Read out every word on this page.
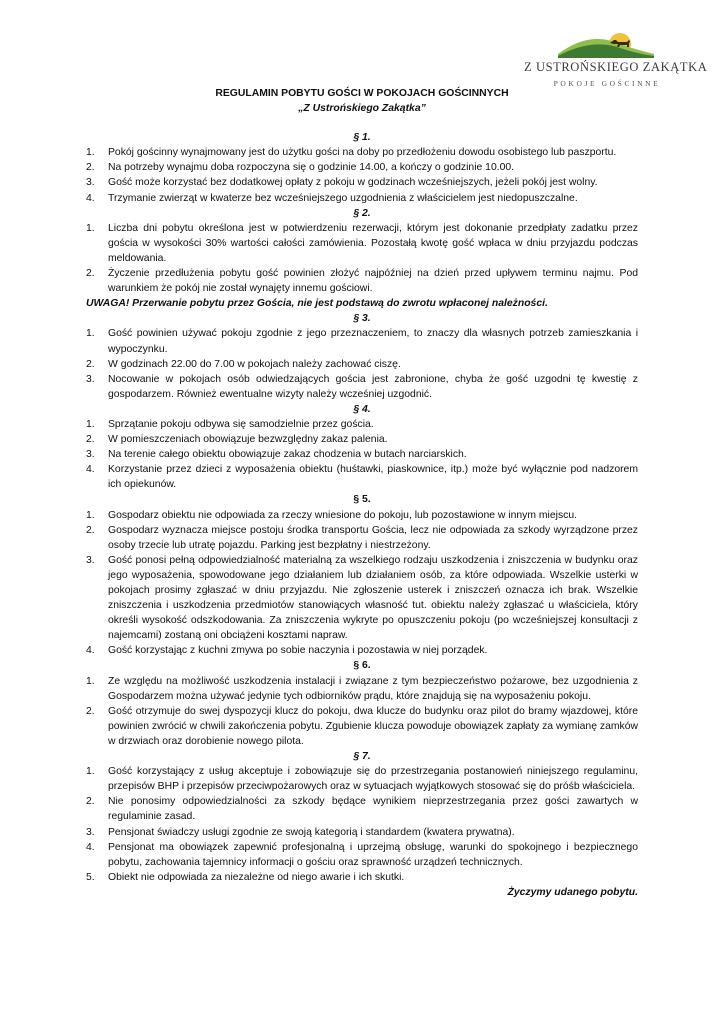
Z USTROŃSKIEGO ZAKĄTKA
POKOJE GOŚCINNE
REGULAMIN POBYTU GOŚCI W POKOJACH GOŚCINNYCH
„Z Ustrońskiego Zakątka”
§ 1.
1. Pokój gościnny wynajmowany jest do użytku gości na doby po przedłożeniu dowodu osobistego lub paszportu.
2. Na potrzeby wynajmu doba rozpoczyna się o godzinie 14.00, a kończy o godzinie 10.00.
3. Gość może korzystać bez dodatkowej opłaty z pokoju w godzinach wcześniejszych, jeżeli pokój jest wolny.
4. Trzymanie zwierząt w kwaterze bez wcześniejszego uzgodnienia z właścicielem jest niedopuszczalne.
§ 2.
1. Liczba dni pobytu określona jest w potwierdzeniu rezerwacji, którym jest dokonanie przedpłaty zadatku przez gościa w wysokości 30% wartości całości zamówienia. Pozostałą kwotę gość wpłaca w dniu przyjazdu podczas meldowania.
2. Życzenie przedłużenia pobytu gość powinien złożyć najpóźniej na dzień przed upływem terminu najmu. Pod warunkiem że pokój nie został wynajęty innemu gościowi.
UWAGA! Przerwanie pobytu przez Gościa, nie jest podstawą do zwrotu wpłaconej należności.
§ 3.
1. Gość powinien używać pokoju zgodnie z jego przeznaczeniem, to znaczy dla własnych potrzeb zamieszkania i wypoczynku.
2. W godzinach 22.00 do 7.00 w pokojach należy zachować ciszę.
3. Nocowanie w pokojach osób odwiedzających gościa jest zabronione, chyba że gość uzgodni tę kwestię z gospodarzem. Również ewentualne wizyty należy wcześniej uzgodnić.
§ 4.
1. Sprzątanie pokoju odbywa się samodzielnie przez gościa.
2. W pomieszczeniach obowiązuje bezwzględny zakaz palenia.
3. Na terenie całego obiektu obowiązuje zakaz chodzenia w butach narciarskich.
4. Korzystanie przez dzieci z wyposażenia obiektu (huśtawki, piaskownice, itp.) może być wyłącznie pod nadzorem ich opiekunów.
§ 5.
1. Gospodarz obiektu nie odpowiada za rzeczy wniesione do pokoju, lub pozostawione w innym miejscu.
2. Gospodarz wyznacza miejsce postoju środka transportu Gościa, lecz nie odpowiada za szkody wyrządzone przez osoby trzecie lub utratę pojazdu. Parking jest bezpłatny i niestrzeżony.
3. Gość ponosi pełną odpowiedzialność materialną za wszelkiego rodzaju uszkodzenia i zniszczenia w budynku oraz jego wyposażenia, spowodowane jego działaniem lub działaniem osób, za które odpowiada. Wszelkie usterki w pokojach prosimy zgłaszać w dniu przyjazdu. Nie zgłoszenie usterek i zniszczeń oznacza ich brak. Wszelkie zniszczenia i uszkodzenia przedmiotów stanowiących własność tut. obiektu należy zgłaszać u właściciela, który określi wysokość odszkodowania. Za zniszczenia wykryte po opuszczeniu pokoju (po wcześniejszej konsultacji z najemcami) zostaną oni obciążeni kosztami napraw.
4. Gość korzystając z kuchni zmywa po sobie naczynia i pozostawia w niej porządek.
§ 6.
1. Ze względu na możliwość uszkodzenia instalacji i związane z tym bezpieczeństwo pożarowe, bez uzgodnienia z Gospodarzem można używać jedynie tych odbiorników prądu, które znajdują się na wyposażeniu pokoju.
2. Gość otrzymuje do swej dyspozycji klucz do pokoju, dwa klucze do budynku oraz pilot do bramy wjazdowej, które powinien zwrócić w chwili zakończenia pobytu. Zgubienie klucza powoduje obowiązek zapłaty za wymianę zamków w drzwiach oraz dorobienie nowego pilota.
§ 7.
1. Gość korzystający z usług akceptuje i zobowiązuje się do przestrzegania postanowień niniejszego regulaminu, przepisów BHP i przepisów przeciwpożarowych oraz w sytuacjach wyjątkowych stosować się do próśb właściciela.
2. Nie ponosimy odpowiedzialności za szkody będące wynikiem nieprzestrzegania przez gości zawartych w regulaminie zasad.
3. Pensjonat świadczy usługi zgodnie ze swoją kategorią i standardem (kwatera prywatna).
4. Pensjonat ma obowiązek zapewnić profesjonalną i uprzejmą obsługę, warunki do spokojnego i bezpiecznego pobytu, zachowania tajemnicy informacji o gościu oraz sprawność urządzeń technicznych.
5. Obiekt nie odpowiada za niezależne od niego awarie i ich skutki.
Życzymy udanego pobytu.
